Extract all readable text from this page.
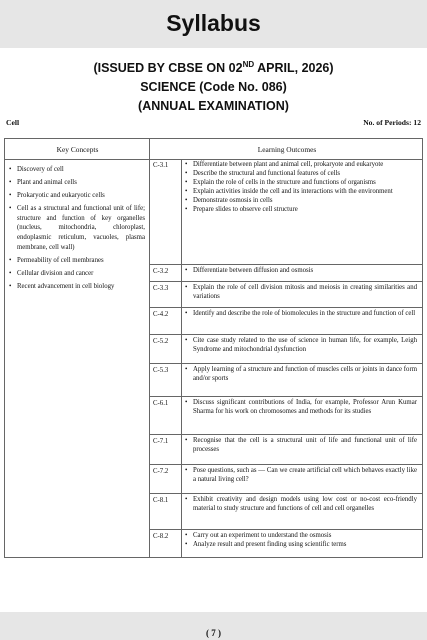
Syllabus
(ISSUED BY CBSE ON 02ND APRIL, 2026)
SCIENCE (Code No. 086)
(ANNUAL EXAMINATION)
Cell	No. of Periods: 12
Key Concepts	Learning Outcomes
• Discovery of cell
• Plant and animal cells
• Prokaryotic and eukaryotic cells
• Cell as a structural and functional unit of life; structure and function of key organelles (nucleus, mitochondria, chloroplast, endoplasmic reticulum, vacuoles, plasma membrane, cell wall)
• Permeability of cell membranes
• Cellular division and cancer
• Recent advancement in cell biology
C-3.1	• Differentiate between plant and animal cell, prokaryote and eukaryote
• Describe the structural and functional features of cells
• Explain the role of cells in the structure and functions of organisms
• Explain activities inside the cell and its interactions with the environment
• Demonstrate osmosis in cells
• Prepare slides to observe cell structure
C-3.2	• Differentiate between diffusion and osmosis
C-3.3	• Explain the role of cell division mitosis and meiosis in creating similarities and variations
C-4.2	• Identify and describe the role of biomolecules in the structure and function of cell
C-5.2	• Cite case study related to the use of science in human life, for example, Leigh Syndrome and mitochondrial dysfunction
C-5.3	• Apply learning of a structure and function of muscles cells or joints in dance form and/or sports
C-6.1	• Discuss significant contributions of India, for example, Professor Arun Kumar Sharma for his work on chromosomes and methods for its studies
C-7.1	• Recognise that the cell is a structural unit of life and functional unit of life processes
C-7.2	• Pose questions, such as — Can we create artificial cell which behaves exactly like a natural living cell?
C-8.1	• Exhibit creativity and design models using low cost or no-cost eco-friendly material to study structure and functions of cell and cell organelles
C-8.2	• Carry out an experiment to understand the osmosis
• Analyze result and present finding using scientific terms
( 7 )
